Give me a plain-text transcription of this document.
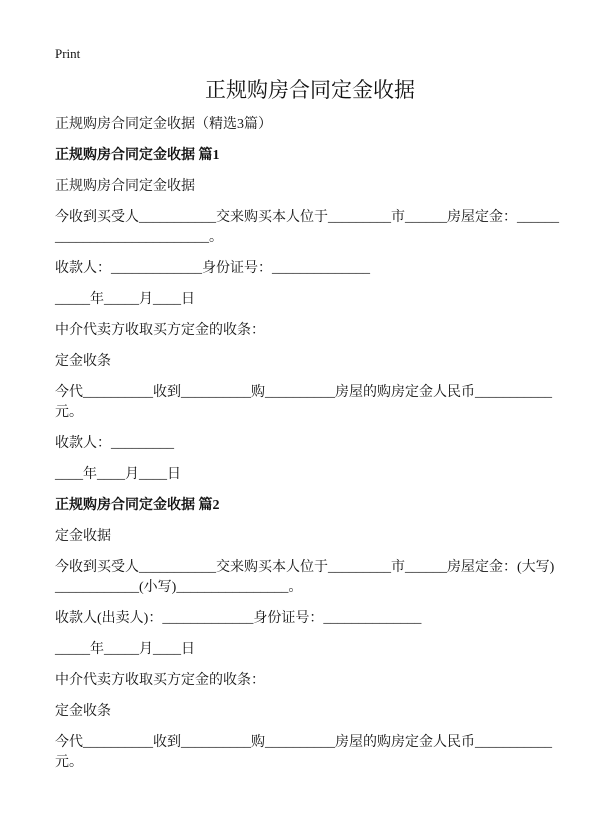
Print
正规购房合同定金收据

正规购房合同定金收据（精选3篇）

正规购房合同定金收据 篇1

正规购房合同定金收据

今收到买受人___________交来购买本人位于_________市______房屋定金：____________________________。

收款人：_____________身份证号：______________

_____年_____月____日

中介代卖方收取买方定金的收条：

定金收条

今代__________收到__________购__________房屋的购房定金人民币___________元。

收款人：_________

____年____月____日

正规购房合同定金收据 篇2

定金收据

今收到买受人___________交来购买本人位于_________市______房屋定金：(大写)____________(小写)________________。

收款人(出卖人)：_____________身份证号：______________

_____年_____月____日

中介代卖方收取买方定金的收条：

定金收条

今代__________收到__________购__________房屋的购房定金人民币___________元。
